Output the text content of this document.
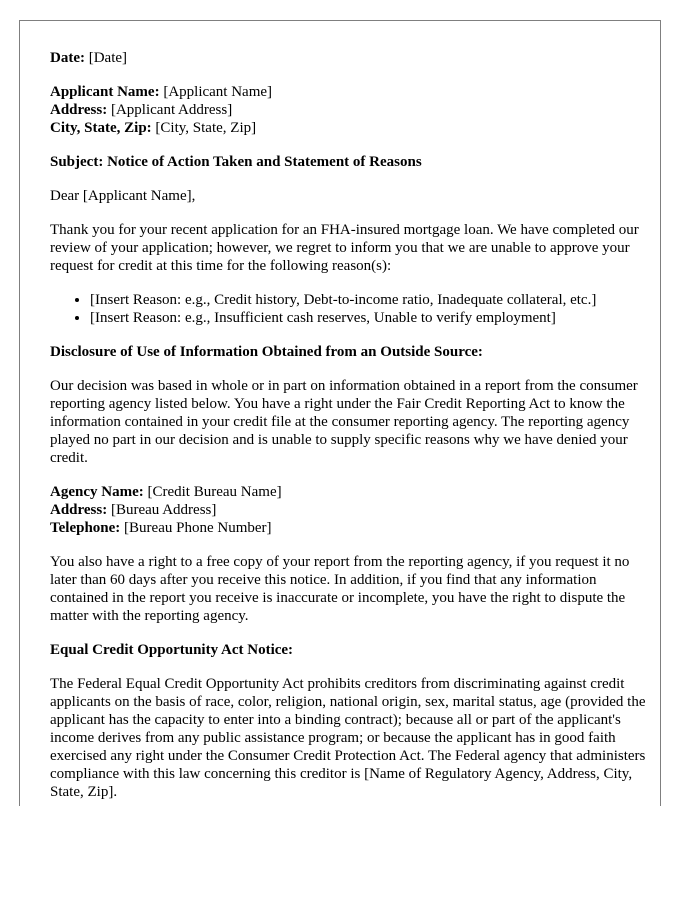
Date: [Date]

Applicant Name: [Applicant Name]

Address: [Applicant Address]

City, State, Zip: [City, State, Zip]

Subject: Notice of Action Taken and Statement of Reasons

Dear [Applicant Name],

Thank you for your recent application for an FHA-insured mortgage loan. We have completed our review of your application; however, we regret to inform you that we are unable to approve your request for credit at this time for the following reason(s):

• [Insert Reason: e.g., Credit history, Debt-to-income ratio, Inadequate collateral, etc.]
• [Insert Reason: e.g., Insufficient cash reserves, Unable to verify employment]

Disclosure of Use of Information Obtained from an Outside Source:

Our decision was based in whole or in part on information obtained in a report from the consumer reporting agency listed below. You have a right under the Fair Credit Reporting Act to know the information contained in your credit file at the consumer reporting agency. The reporting agency played no part in our decision and is unable to supply specific reasons why we have denied your credit.

Agency Name: [Credit Bureau Name]

Address: [Bureau Address]

Telephone: [Bureau Phone Number]

You also have a right to a free copy of your report from the reporting agency, if you request it no later than 60 days after you receive this notice. In addition, if you find that any information contained in the report you receive is inaccurate or incomplete, you have the right to dispute the matter with the reporting agency.

Equal Credit Opportunity Act Notice:

The Federal Equal Credit Opportunity Act prohibits creditors from discriminating against credit applicants on the basis of race, color, religion, national origin, sex, marital status, age (provided the applicant has the capacity to enter into a binding contract); because all or part of the applicant's income derives from any public assistance program; or because the applicant has in good faith exercised any right under the Consumer Credit Protection Act. The Federal agency that administers compliance with this law concerning this creditor is [Name of Regulatory Agency, Address, City, State, Zip].
